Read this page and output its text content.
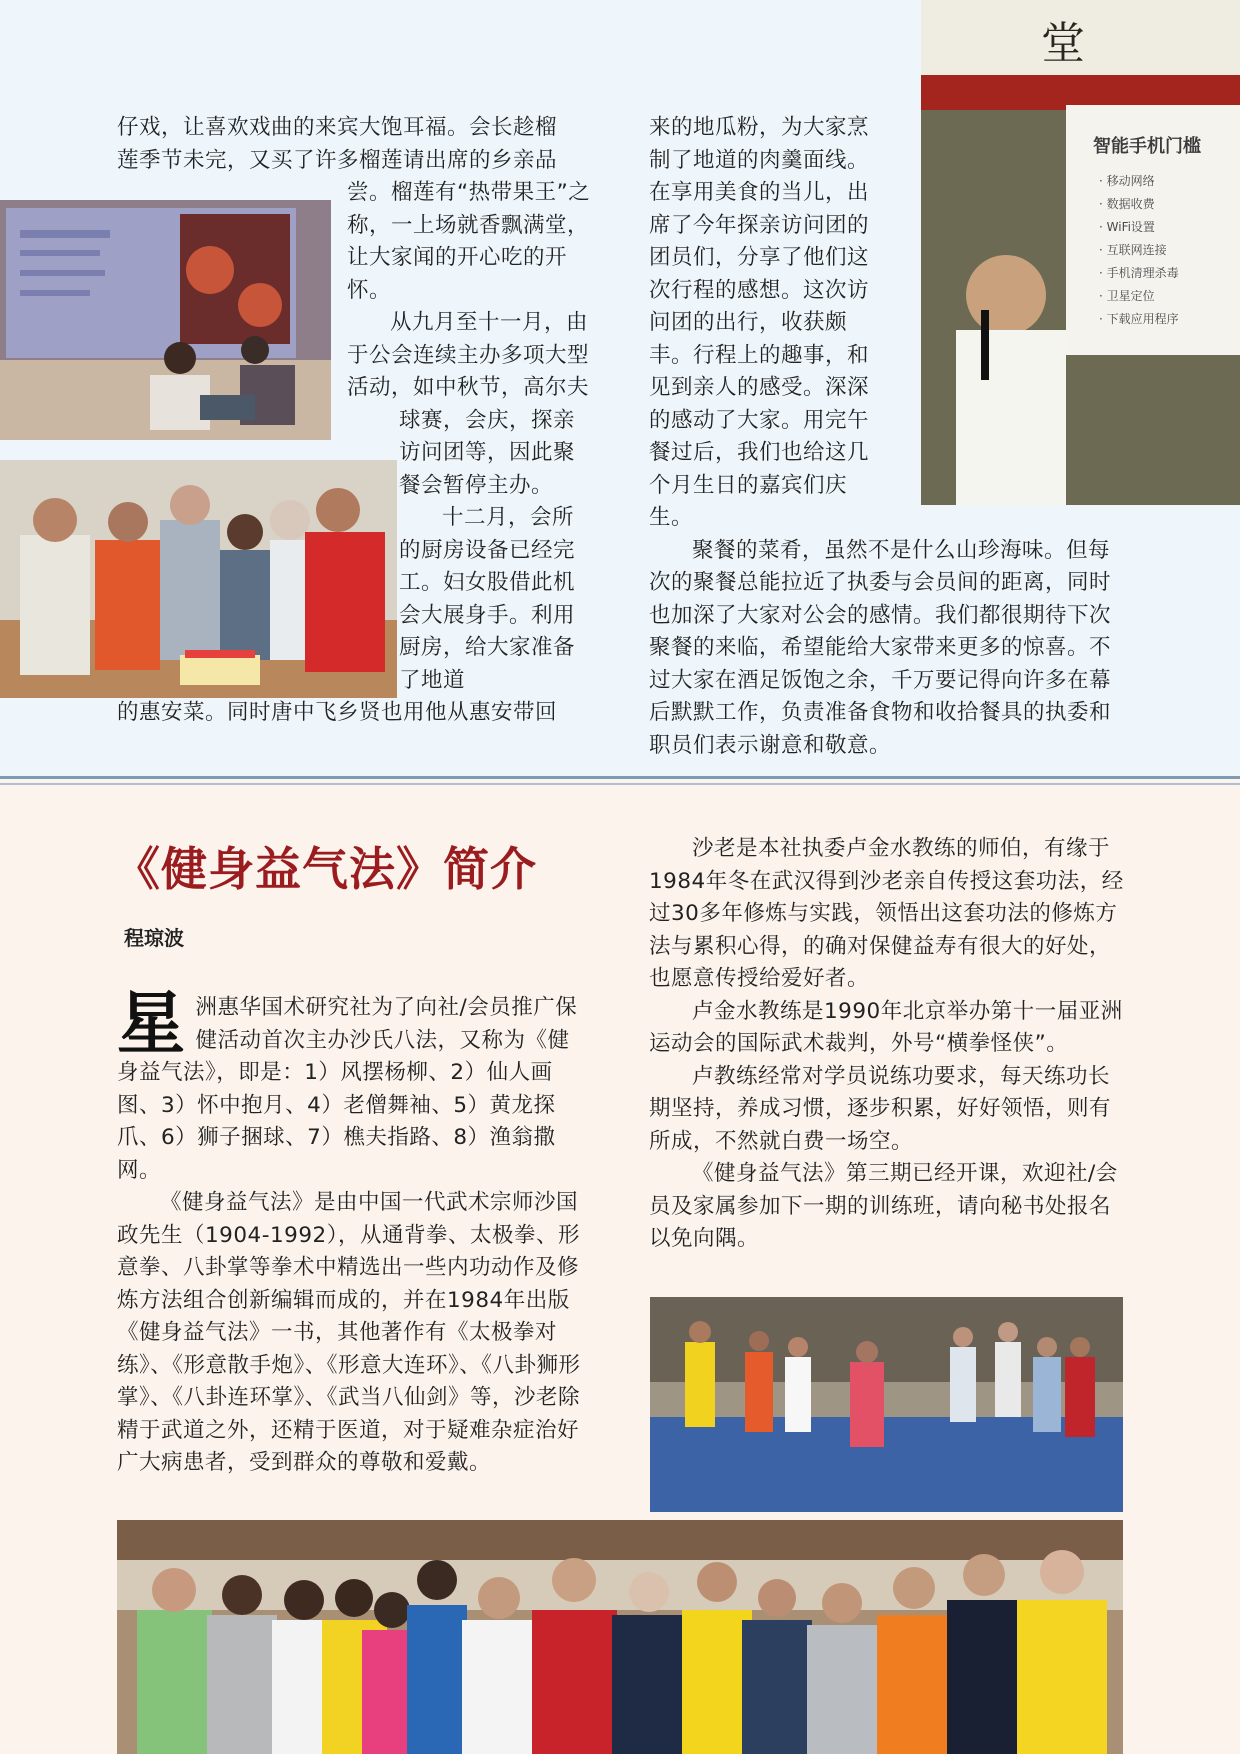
仔戏，让喜欢戏曲的来宾大饱耳福。会长趁榴
莲季节未完，又买了许多榴莲请出席的乡亲品

尝。榴莲有“热带果王”之称，一上场就香飘满堂，让大家闻的开心吃的开怀。

从九月至十一月，由于公会连续主办多项大型活动，如中秋节，高尔夫球赛，会庆，探亲访问团等，因此聚餐会暂停主办。

十二月，会所的厨房设备已经完工。妇女股借此机会大展身手。利用厨房，给大家准备了地道

的惠安菜。同时唐中飞乡贤也用他从惠安带回

来的地瓜粉，为大家烹制了地道的肉羹面线。在享用美食的当儿，出席了今年探亲访问团的团员们，分享了他们这次行程的感想。这次访问团的出行，收获颇丰。行程上的趣事，和见到亲人的感受。深深的感动了大家。用完午餐过后，我们也给这几个月生日的嘉宾们庆生。

聚餐的菜肴，虽然不是什么山珍海味。但每次的聚餐总能拉近了执委与会员间的距离，同时也加深了大家对公会的感情。我们都很期待下次聚餐的来临，希望能给大家带来更多的惊喜。不过大家在酒足饭饱之余，千万要记得向许多在幕后默默工作，负责准备食物和收拾餐具的执委和职员们表示谢意和敬意。

堂
智能手机门槛
· 移动网络
· 数据收费
· WiFi设置
· 互联网连接
· 手机清理杀毒
· 卫星定位
· 下载应用程序
《健身益气法》简介
程琼波

星洲惠华国术研究社为了向社/会员推广保健活动首次主办沙氏八法，又称为《健身益气法》，即是：1）风摆杨柳、2）仙人画图、3）怀中抱月、4）老僧舞袖、5）黄龙探爪、6）狮子捆球、7）樵夫指路、8）渔翁撒网。

《健身益气法》是由中国一代武术宗师沙国政先生（1904-1992），从通背拳、太极拳、形意拳、八卦掌等拳术中精选出一些内功动作及修炼方法组合创新编辑而成的，并在1984年出版《健身益气法》一书，其他著作有《太极拳对练》、《形意散手炮》、《形意大连环》、《八卦狮形掌》、《八卦连环掌》、《武当八仙剑》等，沙老除精于武道之外，还精于医道，对于疑难杂症治好广大病患者，受到群众的尊敬和爱戴。

沙老是本社执委卢金水教练的师伯，有缘于1984年冬在武汉得到沙老亲自传授这套功法，经过30多年修炼与实践，领悟出这套功法的修炼方法与累积心得，的确对保健益寿有很大的好处，也愿意传授给爱好者。

卢金水教练是1990年北京举办第十一届亚洲运动会的国际武术裁判，外号“横拳怪侠”。

卢教练经常对学员说练功要求，每天练功长期坚持，养成习惯，逐步积累，好好领悟，则有所成，不然就白费一场空。

《健身益气法》第三期已经开课，欢迎社/会员及家属参加下一期的训练班，请向秘书处报名以免向隅。
